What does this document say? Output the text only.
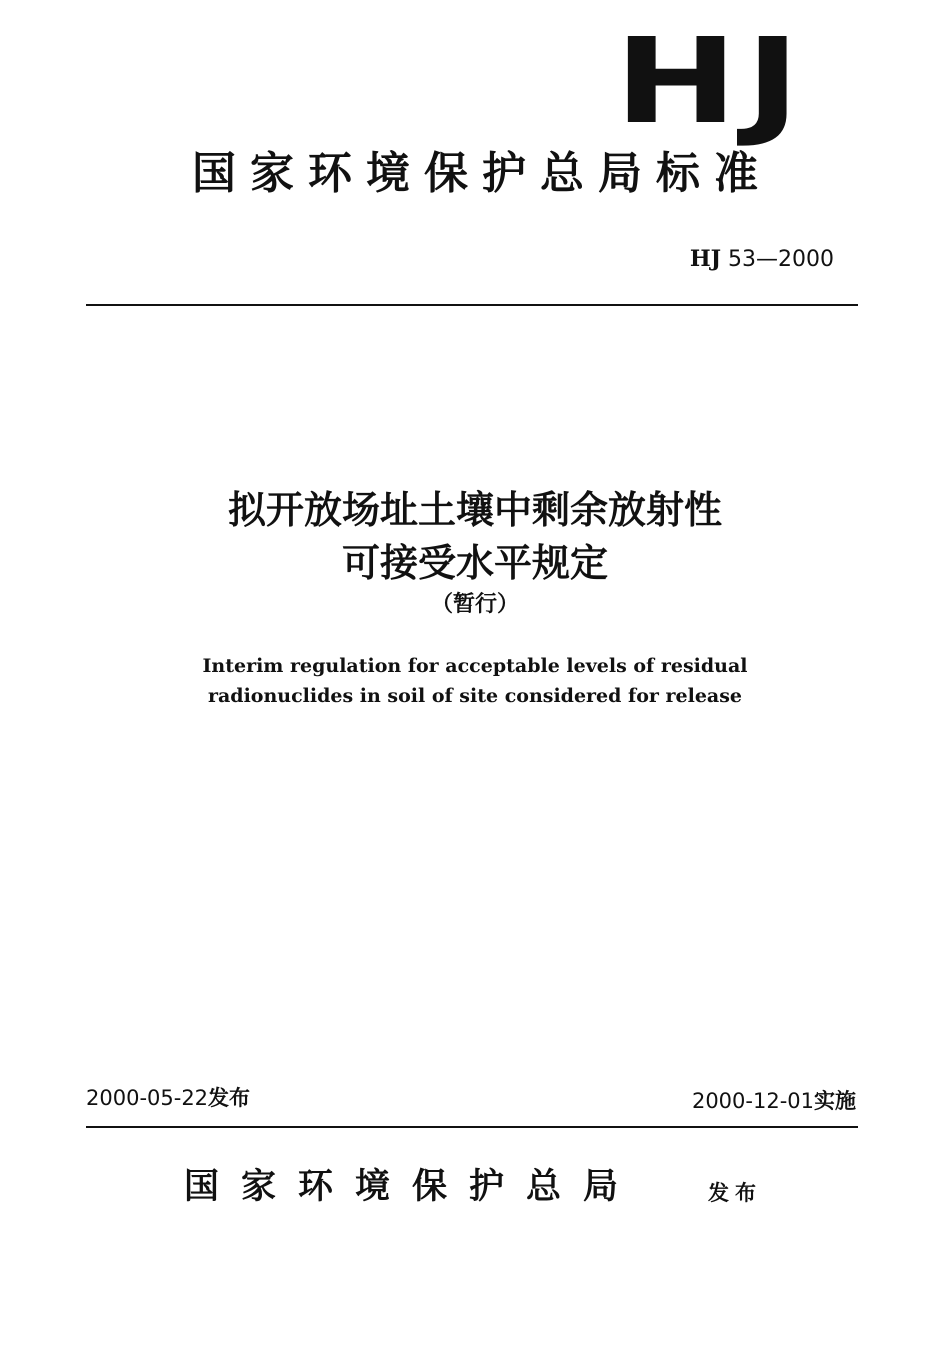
HJ
国家环境保护总局标准
HJ 53—2000
拟开放场址土壤中剩余放射性
可接受水平规定
（暂行）
Interim regulation for acceptable levels of residual
radionuclides in soil of site considered for release
2000-05-22发布	2000-12-01实施
国家环境保护总局	发布
